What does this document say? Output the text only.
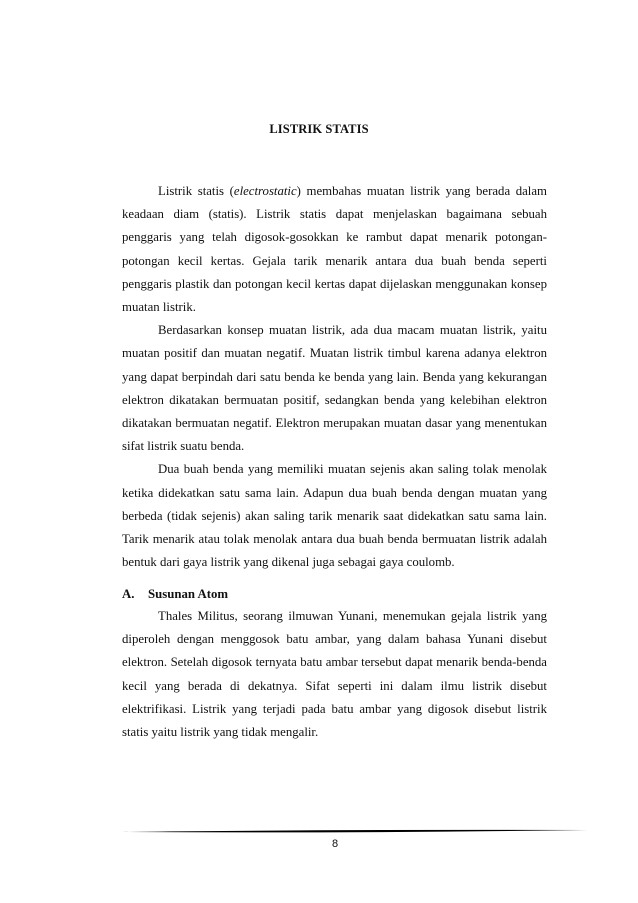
LISTRIK STATIS

Listrik statis (electrostatic) membahas muatan listrik yang berada dalam keadaan diam (statis). Listrik statis dapat menjelaskan bagaimana sebuah penggaris yang telah digosok-gosokkan ke rambut dapat menarik potongan-potongan kecil kertas. Gejala tarik menarik antara dua buah benda seperti penggaris plastik dan potongan kecil kertas dapat dijelaskan menggunakan konsep muatan listrik.

Berdasarkan konsep muatan listrik, ada dua macam muatan listrik, yaitu muatan positif dan muatan negatif. Muatan listrik timbul karena adanya elektron yang dapat berpindah dari satu benda ke benda yang lain. Benda yang kekurangan elektron dikatakan bermuatan positif, sedangkan benda yang kelebihan elektron dikatakan bermuatan negatif. Elektron merupakan muatan dasar yang menentukan sifat listrik suatu benda.

Dua buah benda yang memiliki muatan sejenis akan saling tolak menolak ketika didekatkan satu sama lain. Adapun dua buah benda dengan muatan yang berbeda (tidak sejenis) akan saling tarik menarik saat didekatkan satu sama lain. Tarik menarik atau tolak menolak antara dua buah benda bermuatan listrik adalah bentuk dari gaya listrik yang dikenal juga sebagai gaya coulomb.

A. Susunan Atom

Thales Militus, seorang ilmuwan Yunani, menemukan gejala listrik yang diperoleh dengan menggosok batu ambar, yang dalam bahasa Yunani disebut elektron. Setelah digosok ternyata batu ambar tersebut dapat menarik benda-benda kecil yang berada di dekatnya. Sifat seperti ini dalam ilmu listrik disebut elektrifikasi. Listrik yang terjadi pada batu ambar yang digosok disebut listrik statis yaitu listrik yang tidak mengalir.

8
